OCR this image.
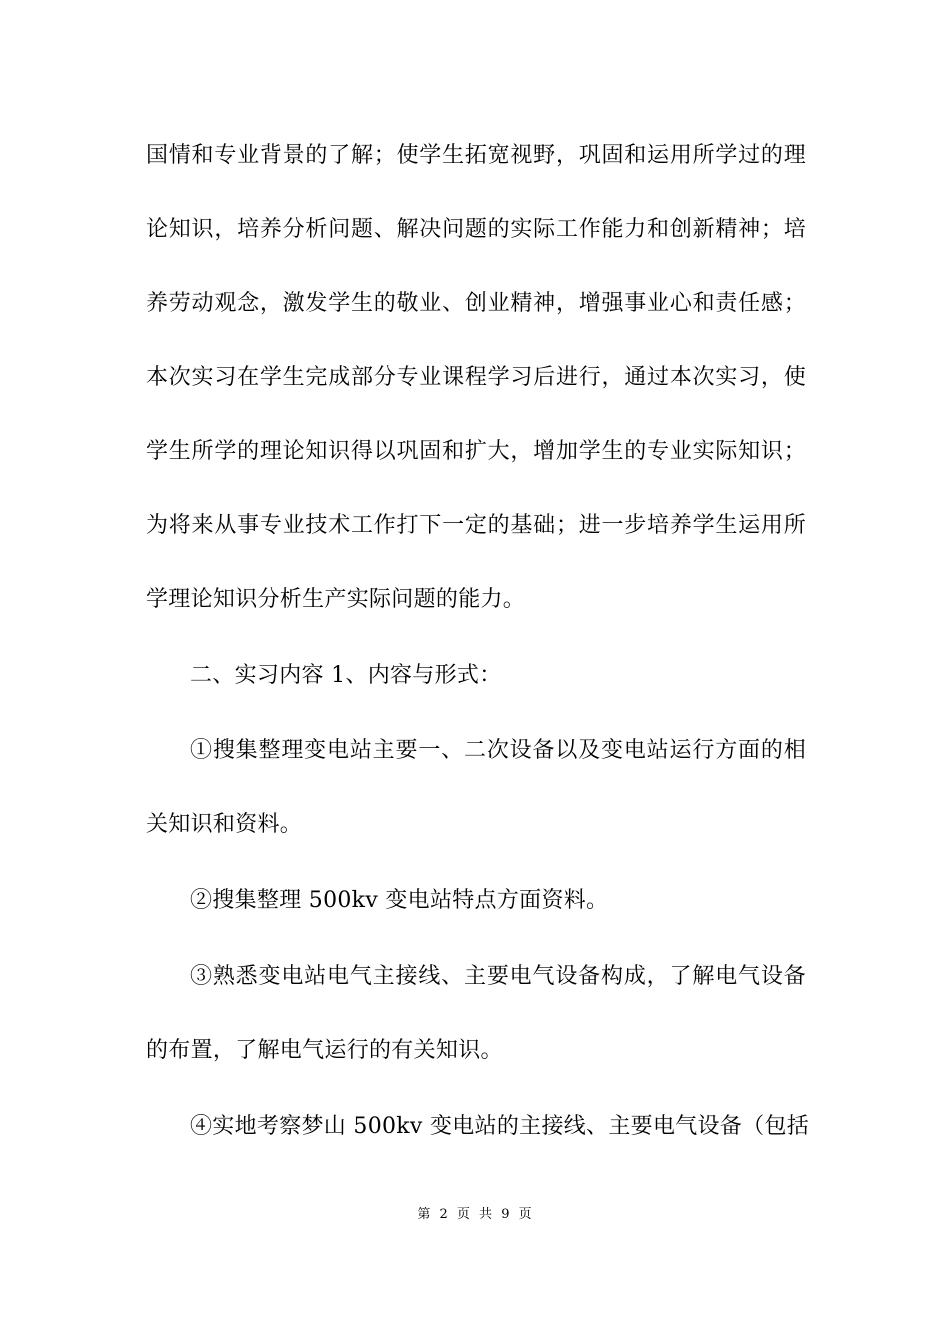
国情和专业背景的了解；使学生拓宽视野，巩固和运用所学过的理
论知识，培养分析问题、解决问题的实际工作能力和创新精神；培
养劳动观念，激发学生的敬业、创业精神，增强事业心和责任感；
本次实习在学生完成部分专业课程学习后进行，通过本次实习，使
学生所学的理论知识得以巩固和扩大，增加学生的专业实际知识；
为将来从事专业技术工作打下一定的基础；进一步培养学生运用所
学理论知识分析生产实际问题的能力。
二、实习内容 1、内容与形式：
①搜集整理变电站主要一、二次设备以及变电站运行方面的相
关知识和资料。
②搜集整理 500kv 变电站特点方面资料。
③熟悉变电站电气主接线、主要电气设备构成，了解电气设备
的布置，了解电气运行的有关知识。
④实地考察梦山 500kv 变电站的主接线、主要电气设备（包括
第 2 页 共 9 页
